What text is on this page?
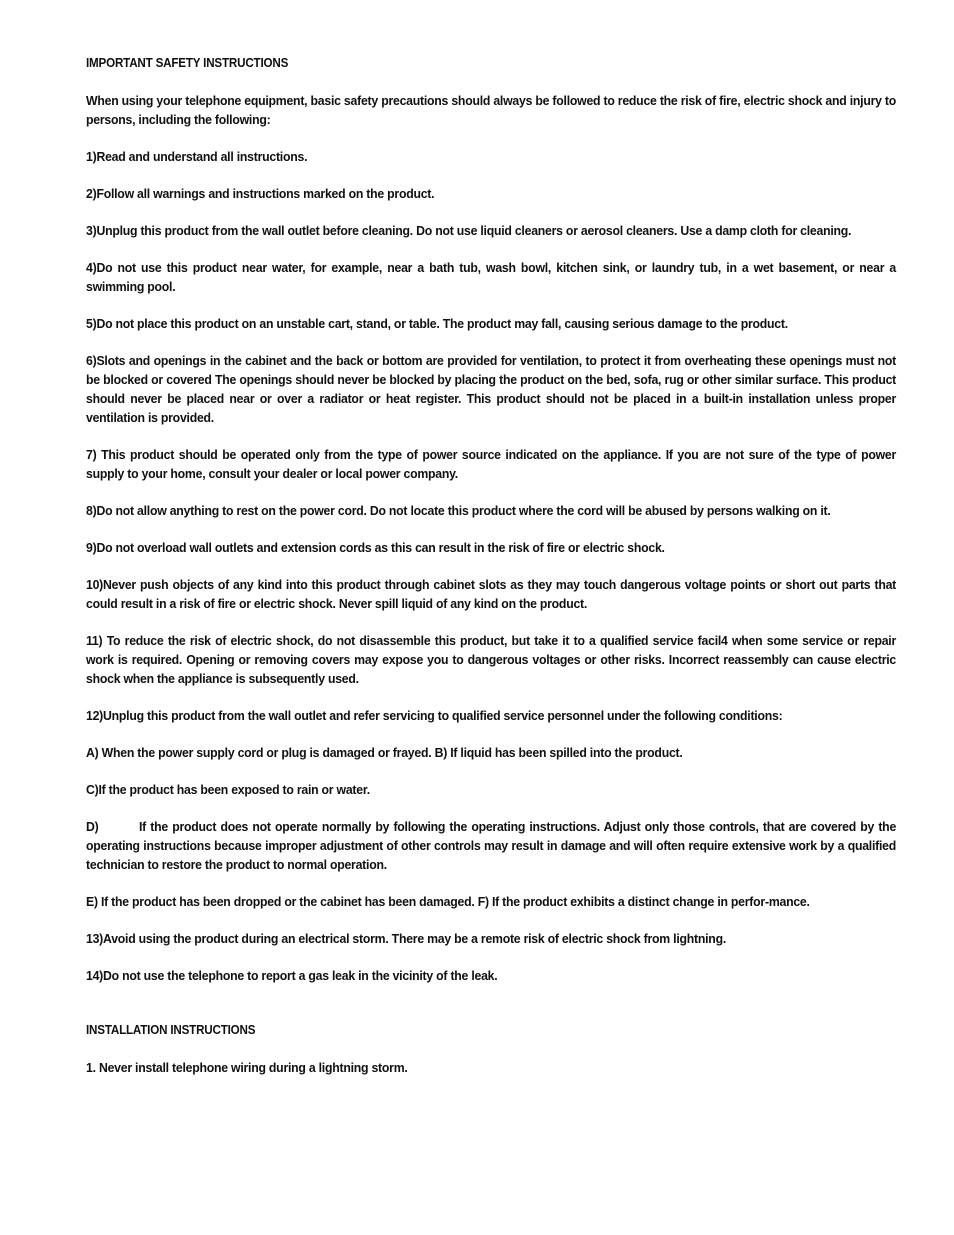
IMPORTANT SAFETY INSTRUCTIONS

When using your telephone equipment, basic safety precautions should always be followed to reduce the risk of fire, electric shock and injury to persons, including the following:

1)Read and understand all instructions.

2)Follow all warnings and instructions marked on the product.

3)Unplug this product from the wall outlet before cleaning. Do not use liquid cleaners or aerosol cleaners. Use a damp cloth for cleaning.

4)Do not use this product near water, for example, near a bath tub, wash bowl, kitchen sink, or laundry tub, in a wet basement, or near a swimming pool.

5)Do not place this product on an unstable cart, stand, or table. The product may fall, causing serious damage to the product.

6)Slots and openings in the cabinet and the back or bottom are provided for ventilation, to protect it from overheating these openings must not be blocked or covered The openings should never be blocked by placing the product on the bed, sofa, rug or other similar surface. This product should never be placed near or over a radiator or heat register. This product should not be placed in a built-in installation unless proper ventilation is provided.

7) This product should be operated only from the type of power source indicated on the appliance. If you are not sure of the type of power supply to your home, consult your dealer or local power company.

8)Do not allow anything to rest on the power cord. Do not locate this product where the cord will be abused by persons walking on it.

9)Do not overload wall outlets and extension cords as this can result in the risk of fire or electric shock.

10)Never push objects of any kind into this product through cabinet slots as they may touch dangerous voltage points or short out parts that could result in a risk of fire or electric shock. Never spill liquid of any kind on the product.

11) To reduce the risk of electric shock, do not disassemble this product, but take it to a qualified service facil4 when some service or repair work is required. Opening or removing covers may expose you to dangerous voltages or other risks. Incorrect reassembly can cause electric shock when the appliance is subsequently used.

12)Unplug this product from the wall outlet and refer servicing to qualified service personnel under the following conditions:

A) When the power supply cord or plug is damaged or frayed. B) If liquid has been spilled into the product.

C)If the product has been exposed to rain or water.

D)	If the product does not operate normally by following the operating instructions. Adjust only those controls, that are covered by the operating instructions because improper adjustment of other controls may result in damage and will often require extensive work by a qualified technician to restore the product to normal operation.

E) If the product has been dropped or the cabinet has been damaged. F) If the product exhibits a distinct change in perfor-mance.

13)Avoid using the product during an electrical storm. There may be a remote risk of electric shock from lightning.

14)Do not use the telephone to report a gas leak in the vicinity of the leak.

INSTALLATION INSTRUCTIONS

1. Never install telephone wiring during a lightning storm.
